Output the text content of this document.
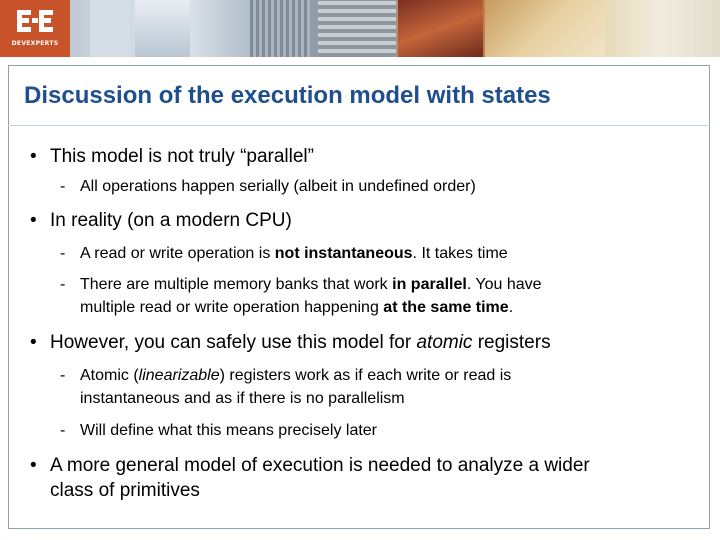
DEVEXPERTS
Discussion of the execution model with states
• This model is not truly “parallel”
- All operations happen serially (albeit in undefined order)
• In reality (on a modern CPU)
- A read or write operation is not instantaneous. It takes time
- There are multiple memory banks that work in parallel. You have
multiple read or write operation happening at the same time.
• However, you can safely use this model for atomic registers
- Atomic (linearizable) registers work as if each write or read is
instantaneous and as if there is no parallelism
- Will define what this means precisely later
• A more general model of execution is needed to analyze a wider
class of primitives
